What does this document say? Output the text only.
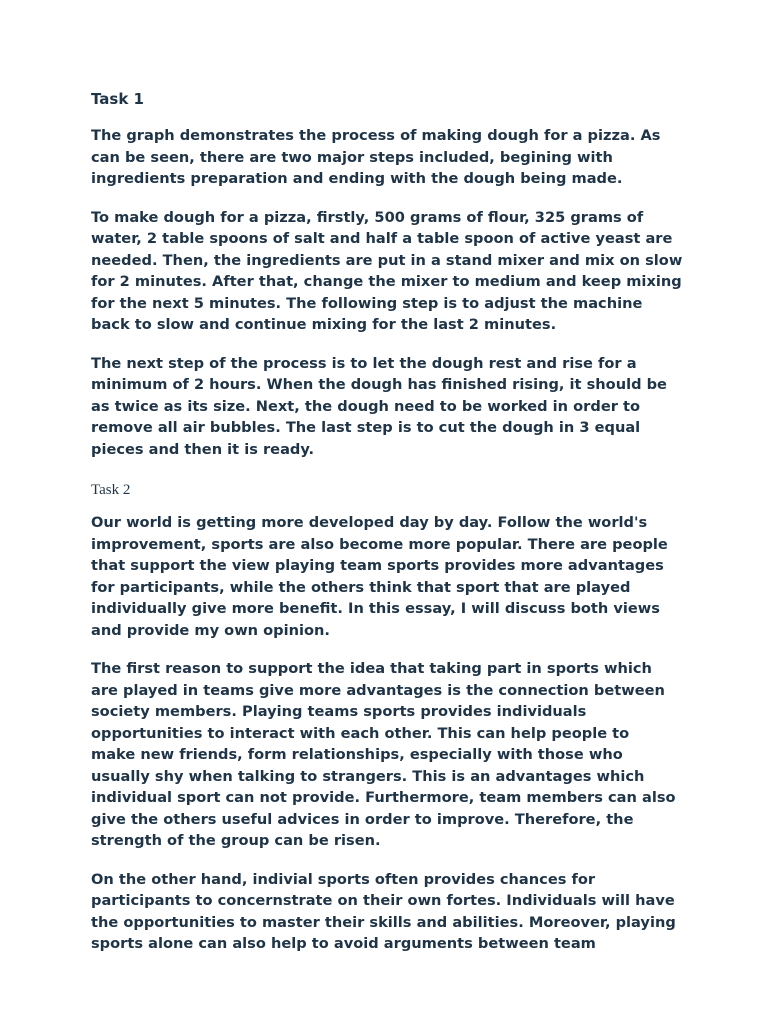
Task 1

The graph demonstrates the process of making dough for a pizza. As
can be seen, there are two major steps included, begining with
ingredients preparation and ending with the dough being made.

To make dough for a pizza, firstly, 500 grams of flour, 325 grams of
water, 2 table spoons of salt and half a table spoon of active yeast are
needed. Then, the ingredients are put in a stand mixer and mix on slow
for 2 minutes. After that, change the mixer to medium and keep mixing
for the next 5 minutes. The following step is to adjust the machine
back to slow and continue mixing for the last 2 minutes.

The next step of the process is to let the dough rest and rise for a
minimum of 2 hours. When the dough has finished rising, it should be
as twice as its size. Next, the dough need to be worked in order to
remove all air bubbles. The last step is to cut the dough in 3 equal
pieces and then it is ready.

Task 2

Our world is getting more developed day by day. Follow the world's
improvement, sports are also become more popular. There are people
that support the view playing team sports provides more advantages
for participants, while the others think that sport that are played
individually give more benefit. In this essay, I will discuss both views
and provide my own opinion.

The first reason to support the idea that taking part in sports which
are played in teams give more advantages is the connection between
society members. Playing teams sports provides individuals
opportunities to interact with each other. This can help people to
make new friends, form relationships, especially with those who
usually shy when talking to strangers. This is an advantages which
individual sport can not provide. Furthermore, team members can also
give the others useful advices in order to improve. Therefore, the
strength of the group can be risen.

On the other hand, indivial sports often provides chances for
participants to concernstrate on their own fortes. Individuals will have
the opportunities to master their skills and abilities. Moreover, playing
sports alone can also help to avoid arguments between team
